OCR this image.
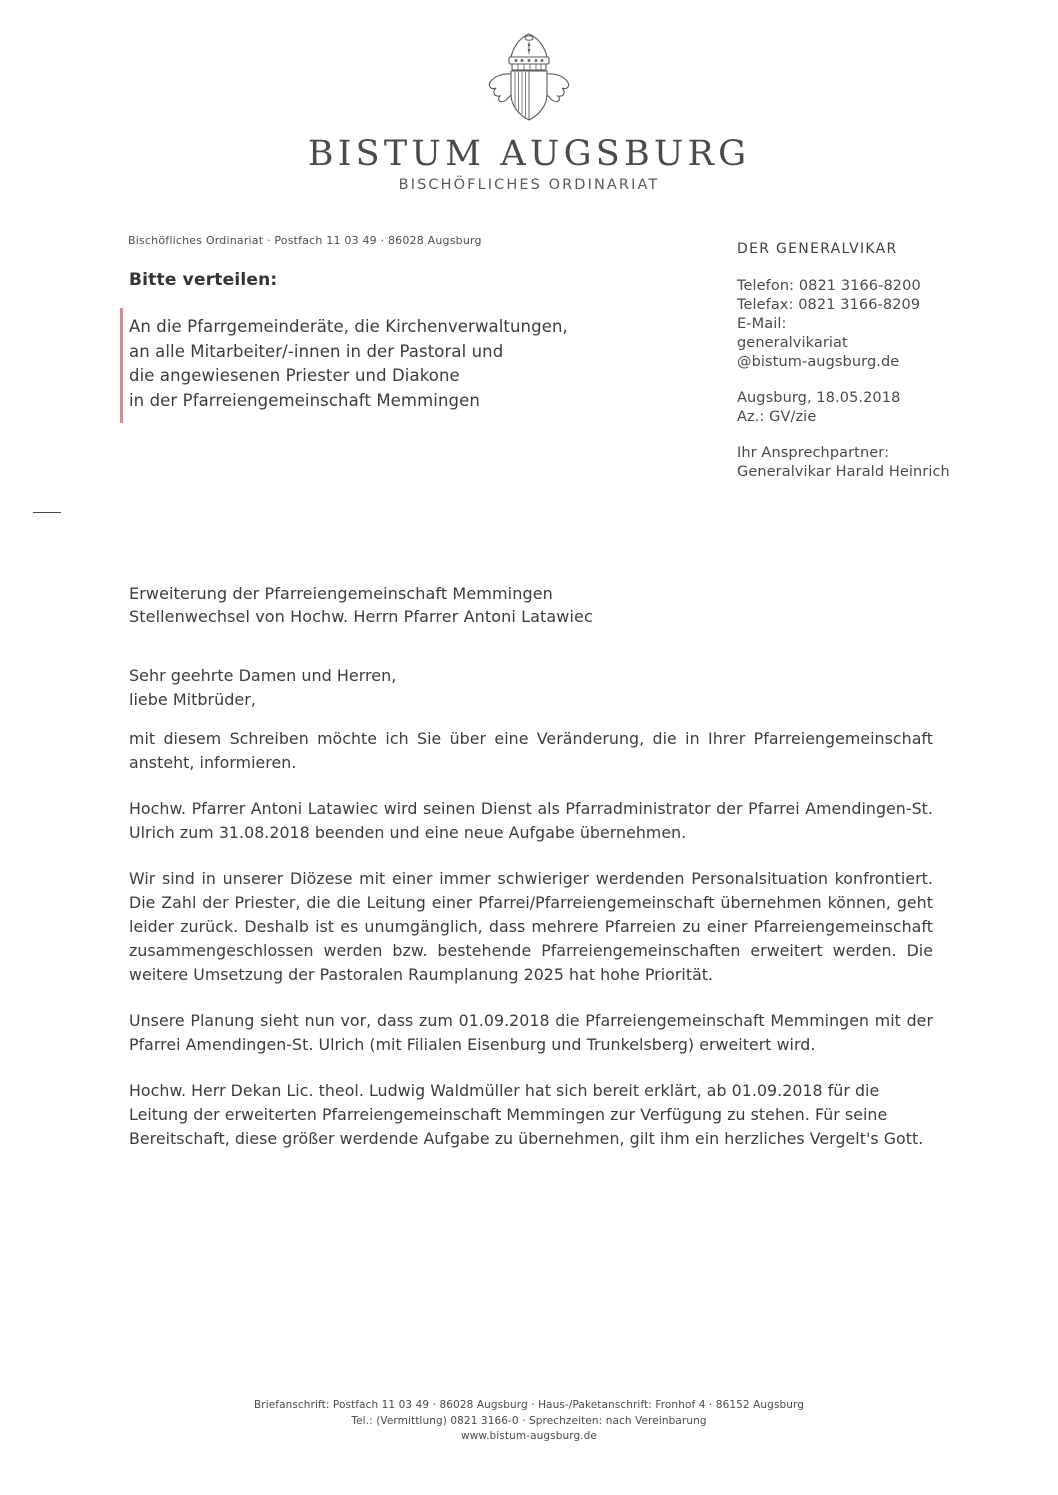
BISTUM AUGSBURG
BISCHÖFLICHES ORDINARIAT
Bischöfliches Ordinariat · Postfach 11 03 49 · 86028 Augsburg
Bitte verteilen:
An die Pfarrgemeinderäte, die Kirchenverwaltungen,
an alle Mitarbeiter/-innen in der Pastoral und
die angewiesenen Priester und Diakone
in der Pfarreiengemeinschaft Memmingen
DER GENERALVIKAR
Telefon: 0821 3166-8200
Telefax: 0821 3166-8209
E-Mail:
generalvikariat
@bistum-augsburg.de
Augsburg, 18.05.2018
Az.: GV/zie
Ihr Ansprechpartner:
Generalvikar Harald Heinrich
Erweiterung der Pfarreiengemeinschaft Memmingen
Stellenwechsel von Hochw. Herrn Pfarrer Antoni Latawiec
Sehr geehrte Damen und Herren,
liebe Mitbrüder,

mit diesem Schreiben möchte ich Sie über eine Veränderung, die in Ihrer Pfarreiengemeinschaft ansteht, informieren.

Hochw. Pfarrer Antoni Latawiec wird seinen Dienst als Pfarradministrator der Pfarrei Amendingen-St. Ulrich zum 31.08.2018 beenden und eine neue Aufgabe übernehmen.

Wir sind in unserer Diözese mit einer immer schwieriger werdenden Personalsituation konfrontiert. Die Zahl der Priester, die die Leitung einer Pfarrei/Pfarreiengemeinschaft übernehmen können, geht leider zurück. Deshalb ist es unumgänglich, dass mehrere Pfarreien zu einer Pfarreiengemeinschaft zusammengeschlossen werden bzw. bestehende Pfarreiengemeinschaften erweitert werden. Die weitere Umsetzung der Pastoralen Raumplanung 2025 hat hohe Priorität.

Unsere Planung sieht nun vor, dass zum 01.09.2018 die Pfarreiengemeinschaft Memmingen mit der Pfarrei Amendingen-St. Ulrich (mit Filialen Eisenburg und Trunkelsberg) erweitert wird.

Hochw. Herr Dekan Lic. theol. Ludwig Waldmüller hat sich bereit erklärt, ab 01.09.2018 für die Leitung der erweiterten Pfarreiengemeinschaft Memmingen zur Verfügung zu stehen. Für seine Bereitschaft, diese größer werdende Aufgabe zu übernehmen, gilt ihm ein herzliches Vergelt's Gott.

Briefanschrift: Postfach 11 03 49 · 86028 Augsburg · Haus-/Paketanschrift: Fronhof 4 · 86152 Augsburg
Tel.: (Vermittlung) 0821 3166-0 · Sprechzeiten: nach Vereinbarung
www.bistum-augsburg.de
